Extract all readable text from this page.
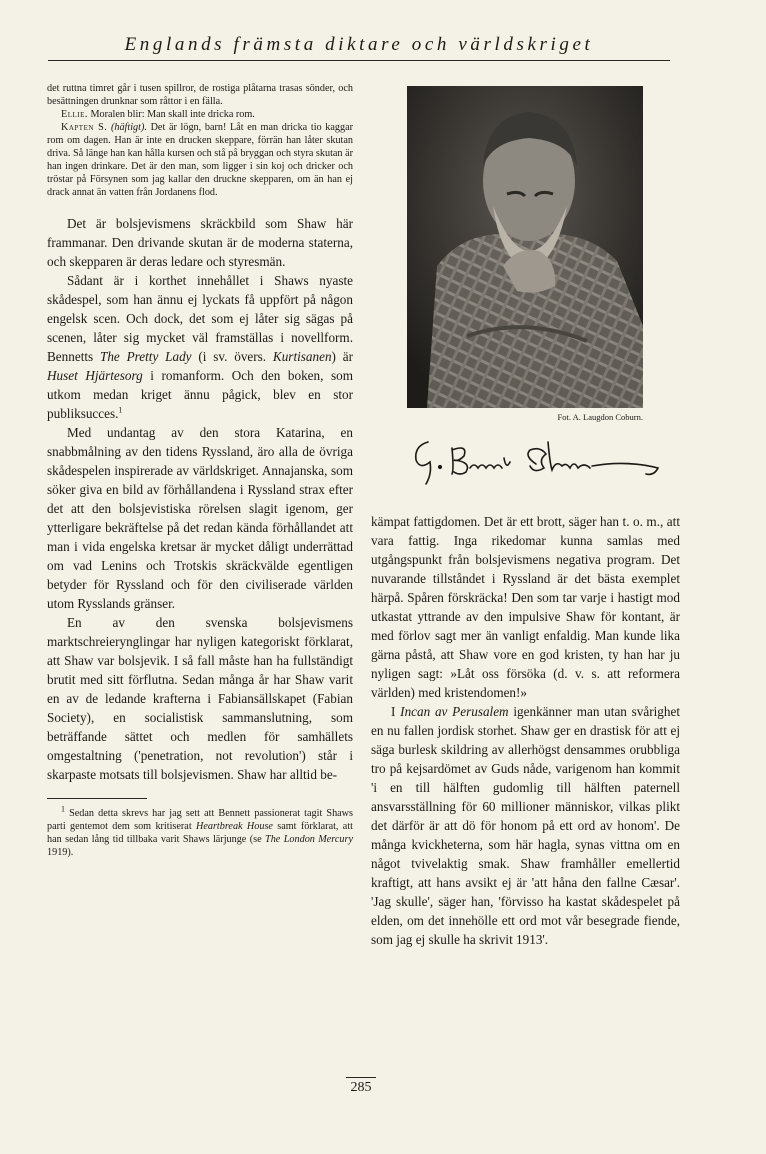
Englands främsta diktare och världskriget

det ruttna timret går i tusen spillror, de rostiga plåtarna trasas sönder, och besättningen drunknar som råttor i en fälla.

Ellie. Moralen blir: Man skall inte dricka rom.

Kapten S. (häftigt). Det är lögn, barn! Låt en man dricka tio kaggar rom om dagen. Han är inte en drucken skeppare, förrän han låter skutan driva. Så länge han kan hålla kursen och stå på bryggan och styra skutan är han ingen drinkare. Det är den man, som ligger i sin koj och dricker och tröstar på Försynen som jag kallar den druckne skepparen, om än han ej drack annat än vatten från Jordanens flod.

Det är bolsjevismens skräckbild som Shaw här frammanar. Den drivande skutan är de moderna staterna, och skepparen är deras ledare och styresmän.

Sådant är i korthet innehållet i Shaws nyaste skådespel, som han ännu ej lyckats få uppfört på någon engelsk scen. Och dock, det som ej låter sig sägas på scenen, låter sig mycket väl framställas i novellform. Bennetts The Pretty Lady (i sv. övers. Kurtisanen) är Huset Hjärtesorg i romanform. Och den boken, som utkom medan kriget ännu pågick, blev en stor publiksucces.$^1$

Med undantag av den stora Katarina, en snabbmålning av den tidens Ryssland, äro alla de övriga skådespelen inspirerade av världskriget. Annajanska, som söker giva en bild av förhållandena i Ryssland strax efter det att den bolsjevistiska rörelsen slagit igenom, ger ytterligare bekräftelse på det redan kända förhållandet att man i vida engelska kretsar är mycket dåligt underrättad om vad Lenins och Trotskis skräckvälde egentligen betyder för Ryssland och för den civiliserade världen utom Rysslands gränser.

En av den svenska bolsjevismens marktschreierynglingar har nyligen kategoriskt förklarat, att Shaw var bolsjevik. I så fall måste han ha fullständigt brutit med sitt förflutna. Sedan många år har Shaw varit en av de ledande krafterna i Fabiansällskapet (Fabian Society), en socialistisk sammanslutning, som beträffande sättet och medlen för samhällets omgestaltning ('penetration, not revolution') står i skarpaste motsats till bolsjevismen. Shaw har alltid be-

$^1$ Sedan detta skrevs har jag sett att Bennett passionerat tagit Shaws parti gentemot dem som kritiserat Heartbreak House samt förklarat, att han sedan lång tid tillbaka varit Shaws lärjunge (se The London Mercury 1919).

Fot. A. Laugdon Coburn.

kämpat fattigdomen. Det är ett brott, säger han t. o. m., att vara fattig. Inga rikedomar kunna samlas med utgångspunkt från bolsjevismens negativa program. Det nuvarande tillståndet i Ryssland är det bästa exemplet härpå. Spåren förskräcka! Den som tar varje i hastigt mod utkastat yttrande av den impulsive Shaw för kontant, är med förlov sagt mer än vanligt enfaldig. Man kunde lika gärna påstå, att Shaw vore en god kristen, ty han har ju nyligen sagt: »Låt oss försöka (d. v. s. att reformera världen) med kristendomen!»

I Incan av Perusalem igenkänner man utan svårighet en nu fallen jordisk storhet. Shaw ger en drastisk för att ej säga burlesk skildring av allerhögst densammes orubbliga tro på kejsardömet av Guds nåde, varigenom han kommit 'i en till hälften gudomlig till hälften paternell ansvarsställning för 60 millioner människor, vilkas plikt det därför är att dö för honom på ett ord av honom'. De många kvickheterna, som här hagla, synas vittna om en något tvivelaktig smak. Shaw framhåller emellertid kraftigt, att hans avsikt ej är 'att håna den fallne Cæsar'. 'Jag skulle', säger han, 'förvisso ha kastat skådespelet på elden, om det innehölle ett ord mot vår besegrade fiende, som jag ej skulle ha skrivit 1913'.

285
